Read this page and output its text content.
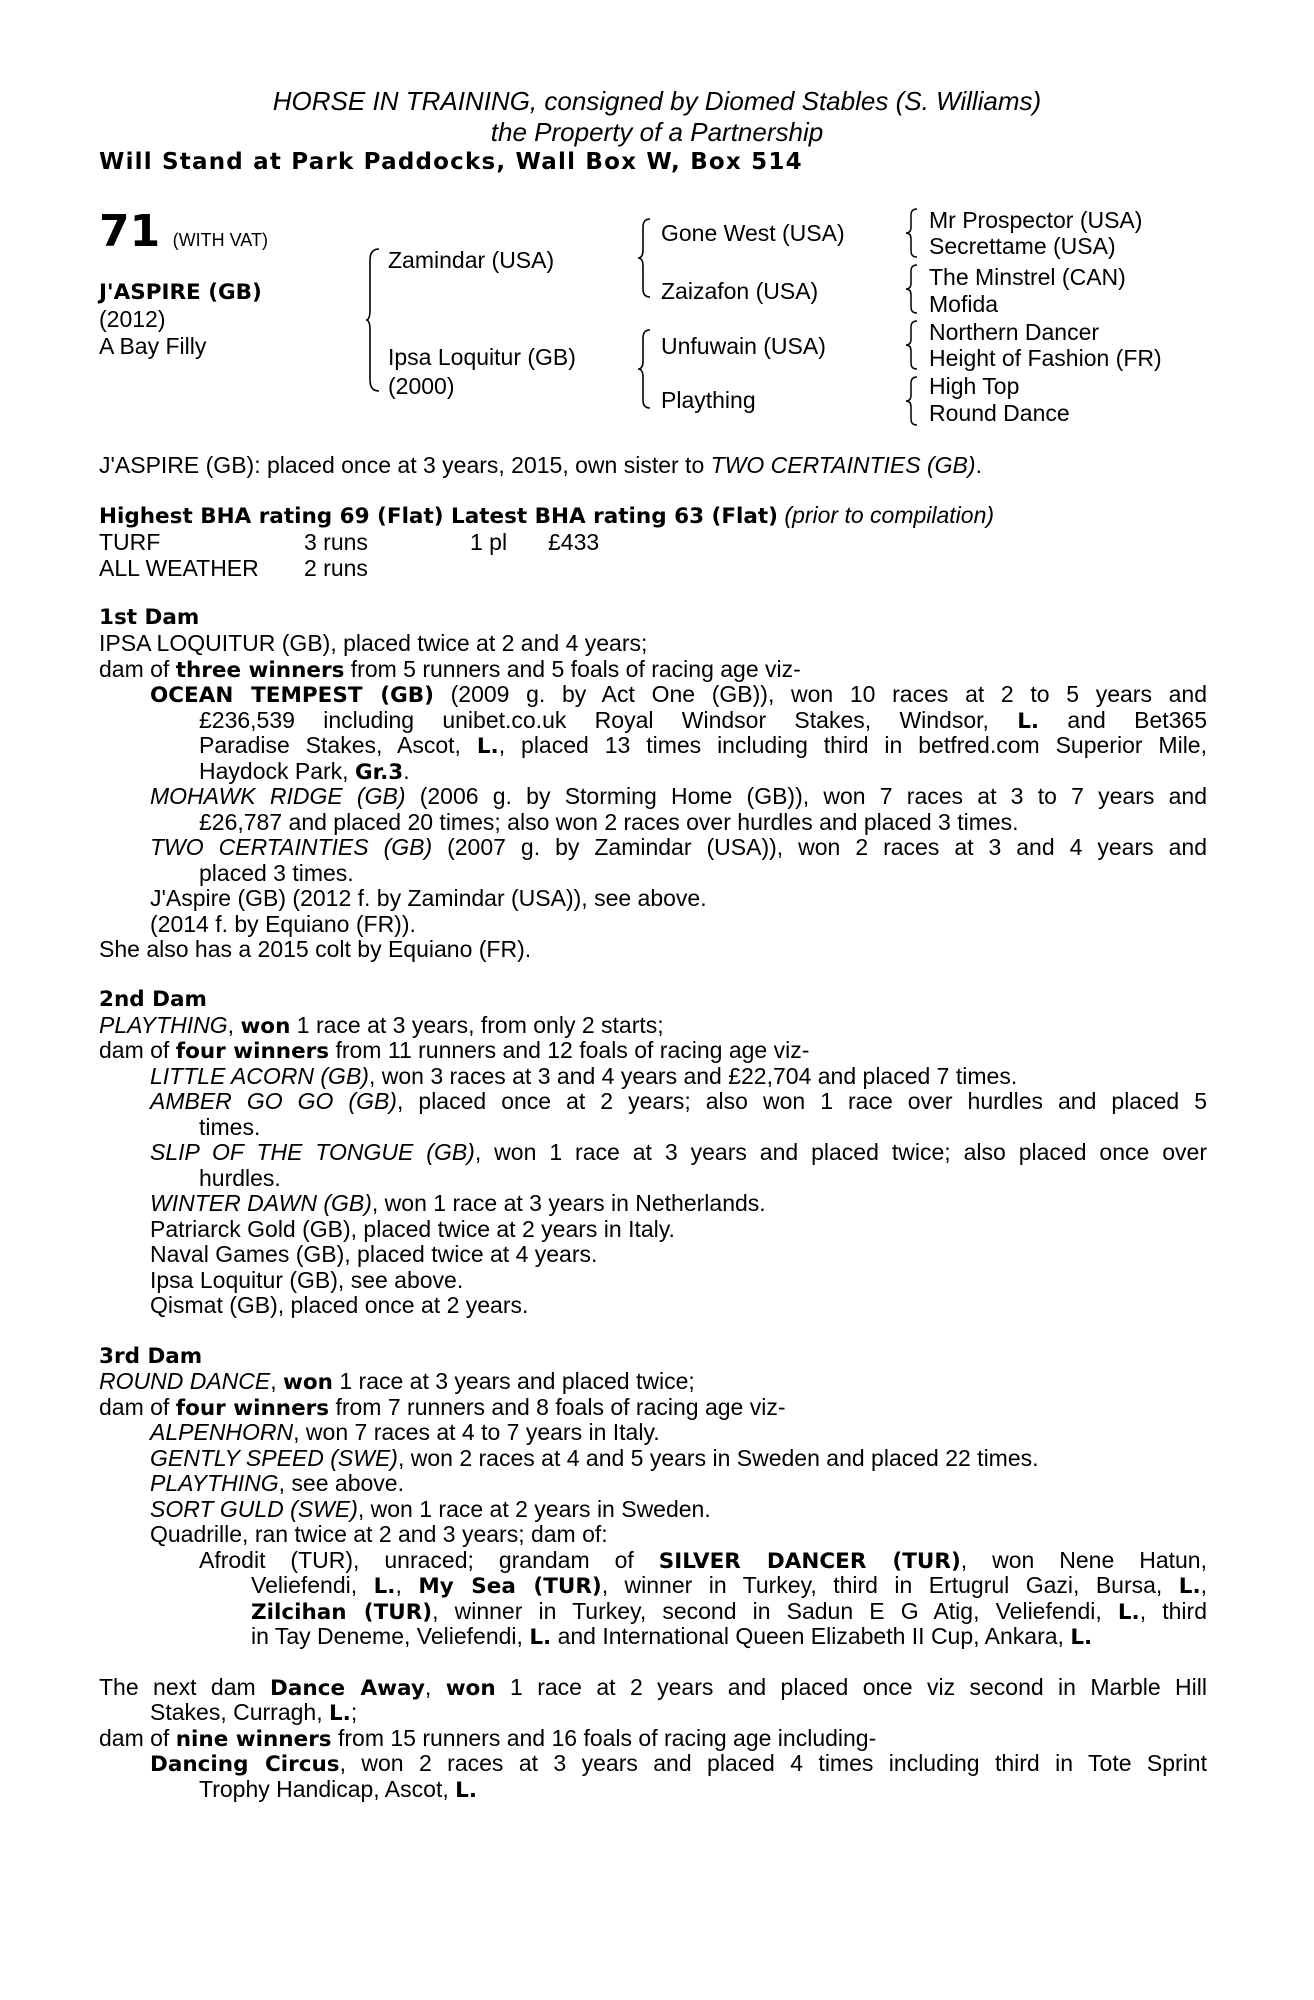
HORSE IN TRAINING, consigned by Diomed Stables (S. Williams)
the Property of a Partnership
Will Stand at Park Paddocks, Wall Box W, Box 514
71 (WITH VAT)
J'ASPIRE (GB)
(2012)
A Bay Filly
Zamindar (USA)
Ipsa Loquitur (GB)
(2000)
Gone West (USA)
Zaizafon (USA)
Unfuwain (USA)
Plaything
Mr Prospector (USA)
Secrettame (USA)
The Minstrel (CAN)
Mofida
Northern Dancer
Height of Fashion (FR)
High Top
Round Dance
J'ASPIRE (GB): placed once at 3 years, 2015, own sister to TWO CERTAINTIES (GB).
Highest BHA rating 69 (Flat) Latest BHA rating 63 (Flat) (prior to compilation)
TURF	3 runs	1 pl £433
ALL WEATHER 2 runs
1st Dam
IPSA LOQUITUR (GB), placed twice at 2 and 4 years;
dam of three winners from 5 runners and 5 foals of racing age viz-
OCEAN TEMPEST (GB) (2009 g. by Act One (GB)), won 10 races at 2 to 5 years and
£236,539 including unibet.co.uk Royal Windsor Stakes, Windsor, L. and Bet365
Paradise Stakes, Ascot, L., placed 13 times including third in betfred.com Superior Mile,
Haydock Park, Gr.3.
MOHAWK RIDGE (GB) (2006 g. by Storming Home (GB)), won 7 races at 3 to 7 years and
£26,787 and placed 20 times; also won 2 races over hurdles and placed 3 times.
TWO CERTAINTIES (GB) (2007 g. by Zamindar (USA)), won 2 races at 3 and 4 years and
placed 3 times.
J'Aspire (GB) (2012 f. by Zamindar (USA)), see above.
(2014 f. by Equiano (FR)).
She also has a 2015 colt by Equiano (FR).
2nd Dam
PLAYTHING, won 1 race at 3 years, from only 2 starts;
dam of four winners from 11 runners and 12 foals of racing age viz-
LITTLE ACORN (GB), won 3 races at 3 and 4 years and £22,704 and placed 7 times.
AMBER GO GO (GB), placed once at 2 years; also won 1 race over hurdles and placed 5
times.
SLIP OF THE TONGUE (GB), won 1 race at 3 years and placed twice; also placed once over
hurdles.
WINTER DAWN (GB), won 1 race at 3 years in Netherlands.
Patriarck Gold (GB), placed twice at 2 years in Italy.
Naval Games (GB), placed twice at 4 years.
Ipsa Loquitur (GB), see above.
Qismat (GB), placed once at 2 years.
3rd Dam
ROUND DANCE, won 1 race at 3 years and placed twice;
dam of four winners from 7 runners and 8 foals of racing age viz-
ALPENHORN, won 7 races at 4 to 7 years in Italy.
GENTLY SPEED (SWE), won 2 races at 4 and 5 years in Sweden and placed 22 times.
PLAYTHING, see above.
SORT GULD (SWE), won 1 race at 2 years in Sweden.
Quadrille, ran twice at 2 and 3 years; dam of:
Afrodit (TUR), unraced; grandam of SILVER DANCER (TUR), won Nene Hatun,
Veliefendi, L., My Sea (TUR), winner in Turkey, third in Ertugrul Gazi, Bursa, L.,
Zilcihan (TUR), winner in Turkey, second in Sadun E G Atig, Veliefendi, L., third
in Tay Deneme, Veliefendi, L. and International Queen Elizabeth II Cup, Ankara, L.
The next dam Dance Away, won 1 race at 2 years and placed once viz second in Marble Hill
Stakes, Curragh, L.;
dam of nine winners from 15 runners and 16 foals of racing age including-
Dancing Circus, won 2 races at 3 years and placed 4 times including third in Tote Sprint
Trophy Handicap, Ascot, L.
